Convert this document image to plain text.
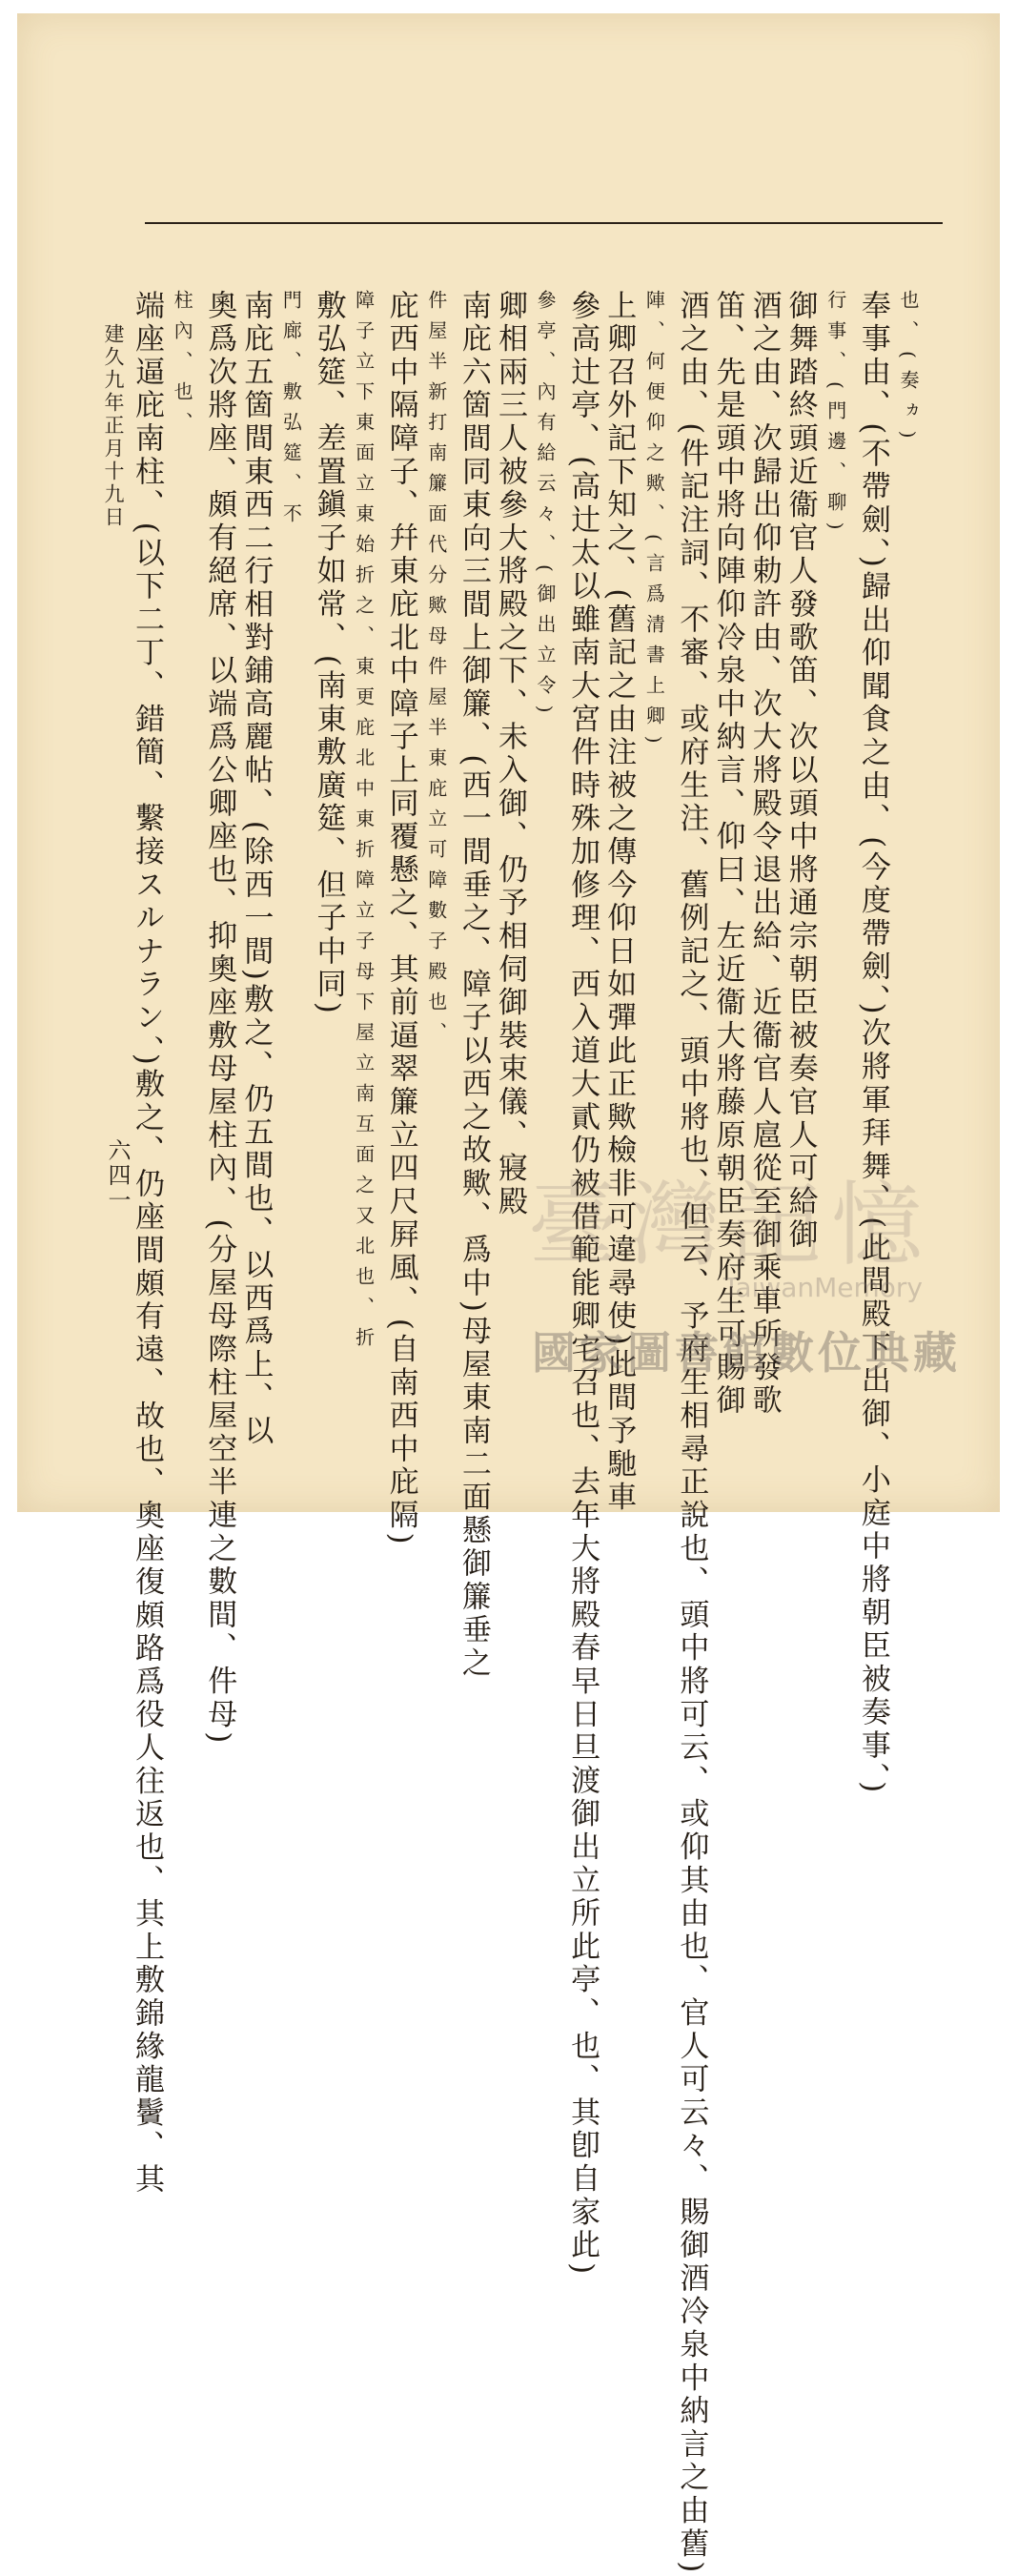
也、(奏ヵ)
奉事由、(不帶劍、)歸出仰聞食之由、(今度帶劍、)次將軍拜舞、(此間殿下出御、小庭中將朝臣被奏事、)
行事、(門邊、聊)
御舞踏終頭近衞官人發歌笛、次以頭中將通宗朝臣被奏官人可給御
酒之由、次歸出仰勅許由、次大將殿令退出給、近衞官人扈從至御乘車所發歌
笛、先是頭中將向陣仰冷泉中納言、仰曰、左近衞大將藤原朝臣奏府生可賜御
酒之由、(件記注詞、不審、或府生注、舊例記之、頭中將也、但云、予府生相尋正說也、頭中將可云、或仰其由也、官人可云々、賜御酒冷泉中納言之由舊)
陣、何便仰之歟、(言爲清書上卿)
上卿召外記下知之、(舊記之由注被之傳今仰日如彈此正歟檢非可違尋使)此間予馳車
參高辻亭、(高辻太以雖南大宮件時殊加修理、西入道大貳仍被借範能卿宅召也、去年大將殿春早日旦渡御出立所此亭、也、其卽自家此)
參亭、內有給云々、(御出立令)
卿相兩三人被參大將殿之下、未入御、仍予相伺御裝束儀、寢殿
南庇六箇間同東向三間上御簾、(西一間垂之、障子以西之故歟、爲中)母屋東南二面懸御簾垂之
件屋半新打南簾面代分歟母件屋半東庇立可障數子殿也、
庇西中隔障子、幷東庇北中障子上同覆懸之、其前逼翠簾立四尺屛風、(自南西中庇隔)
障子立下東面立東始折之、東更庇北中東折障立子母下屋立南互面之又北也、折
敷弘筵、差置鎭子如常、(南東敷廣筵、但子中同)
門廊、敷弘筵、不
南庇五箇間東西二行相對鋪高麗帖、(除西一間)敷之、仍五間也、以西爲上、以
奧爲次將座、頗有絕席、以端爲公卿座也、抑奧座敷母屋柱內、(分屋母際柱屋空半連之數間、件母)
柱內、也、
端座逼庇南柱、(以下二丁、錯簡、繫接スルナラン、)敷之、仍座間頗有遠、故也、奧座復頗路爲役人往返也、其上敷錦緣龍鬢、其
建久九年正月十九日
六四一	臺灣記憶
TaiwanMemory
國家圖書館數位典藏
